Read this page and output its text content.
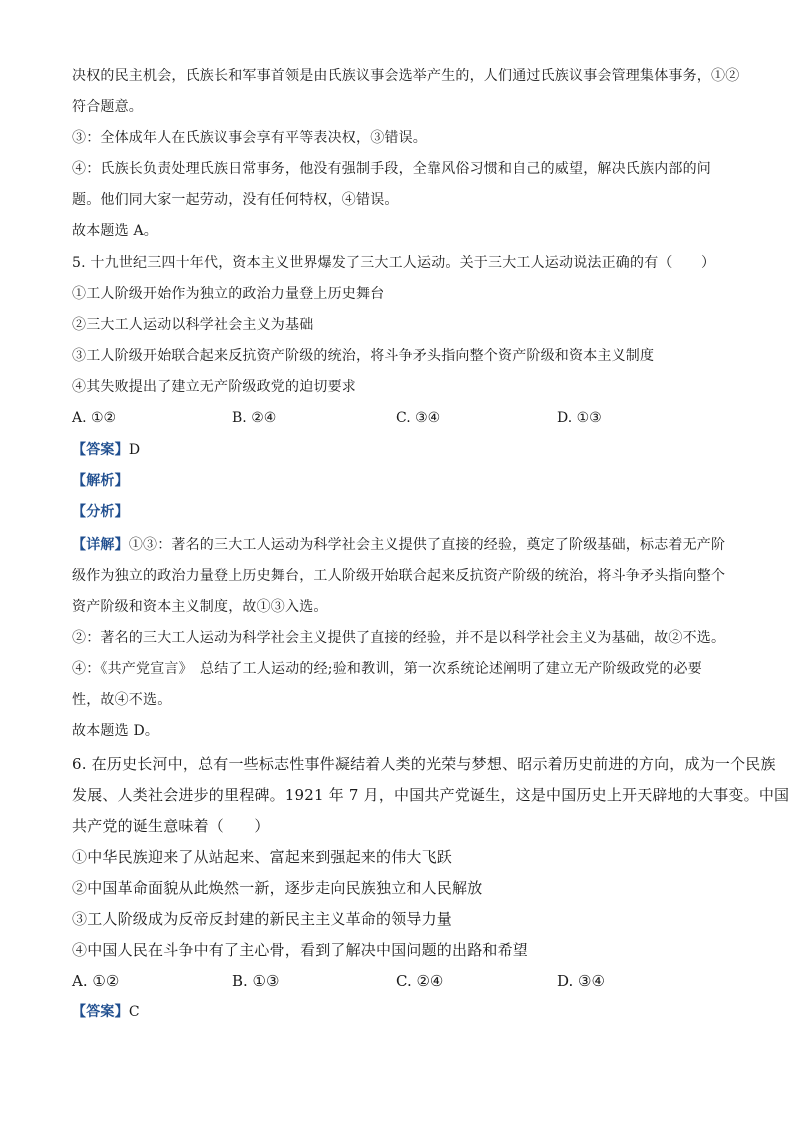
决权的民主机会，氏族长和军事首领是由氏族议事会选举产生的，人们通过氏族议事会管理集体事务，①②
符合题意。
③：全体成年人在氏族议事会享有平等表决权，③错误。
④：氏族长负责处理氏族日常事务，他没有强制手段，全靠风俗习惯和自己的威望，解决氏族内部的问
题。他们同大家一起劳动，没有任何特权，④错误。
故本题选 A。
5. 十九世纪三四十年代，资本主义世界爆发了三大工人运动。关于三大工人运动说法正确的有（　　）
①工人阶级开始作为独立的政治力量登上历史舞台
②三大工人运动以科学社会主义为基础
③工人阶级开始联合起来反抗资产阶级的统治，将斗争矛头指向整个资产阶级和资本主义制度
④其失败提出了建立无产阶级政党的迫切要求
A. ①②	B. ②④	C. ③④	D. ①③
【答案】D
【解析】
【分析】
【详解】①③：著名的三大工人运动为科学社会主义提供了直接的经验，奠定了阶级基础，标志着无产阶
级作为独立的政治力量登上历史舞台，工人阶级开始联合起来反抗资产阶级的统治，将斗争矛头指向整个
资产阶级和资本主义制度，故①③入选。
②：著名的三大工人运动为科学社会主义提供了直接的经验，并不是以科学社会主义为基础，故②不选。
④：《共产党宣言》　总结了工人运动的经;验和教训，第一次系统论述阐明了建立无产阶级政党的必要
性，故④不选。
故本题选 D。
6. 在历史长河中，总有一些标志性事件凝结着人类的光荣与梦想、昭示着历史前进的方向，成为一个民族
发展、人类社会进步的里程碑。1921 年 7 月，中国共产党诞生，这是中国历史上开天辟地的大事变。中国
共产党的诞生意味着（　　）
①中华民族迎来了从站起来、富起来到强起来的伟大飞跃
②中国革命面貌从此焕然一新，逐步走向民族独立和人民解放
③工人阶级成为反帝反封建的新民主主义革命的领导力量
④中国人民在斗争中有了主心骨，看到了解决中国问题的出路和希望
A. ①②	B. ①③	C. ②④	D. ③④
【答案】C
